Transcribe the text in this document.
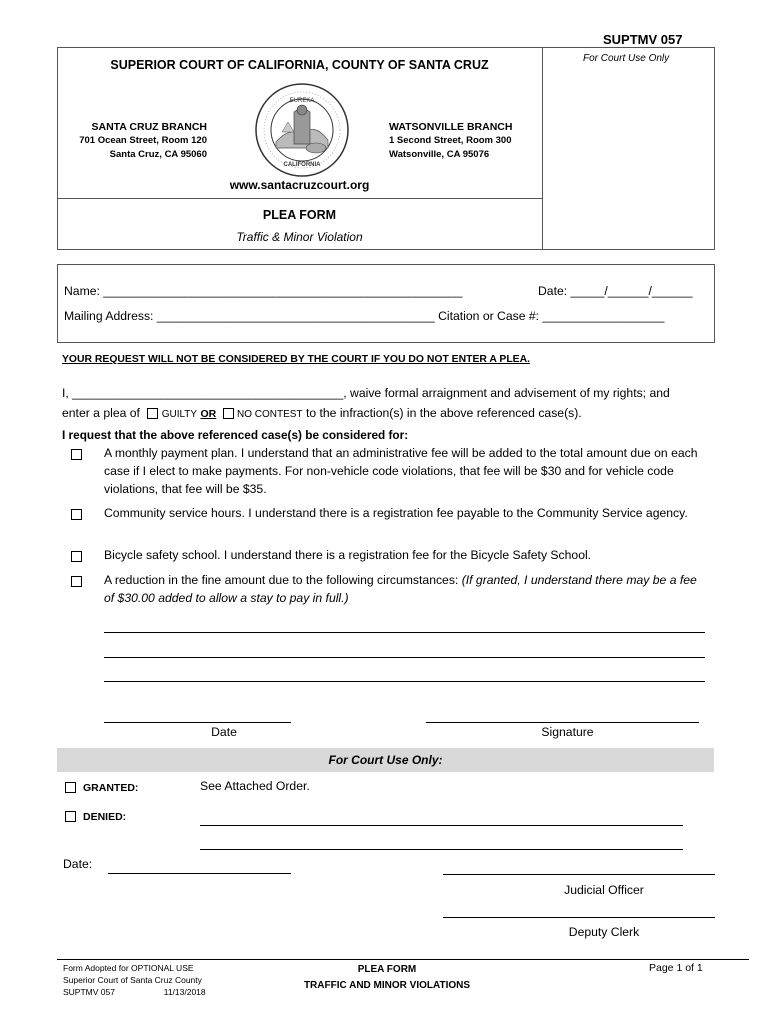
SUPTMV 057
For Court Use Only
SUPERIOR COURT OF CALIFORNIA, COUNTY OF SANTA CRUZ
EUREKA
CALIFORNIA
SANTA CRUZ BRANCH
701 Ocean Street, Room 120
Santa Cruz, CA 95060
WATSONVILLE BRANCH
1 Second Street, Room 300
Watsonville, CA 95076
www.santacruzcourt.org
PLEA FORM
Traffic & Minor Violation
Name: _____________________________________________________	Date: _____/______/______
Mailing Address: _________________________________________ Citation or Case #: __________________
YOUR REQUEST WILL NOT BE CONSIDERED BY THE COURT IF YOU DO NOT ENTER A PLEA.
I, ________________________________________, waive formal arraignment and advisement of my rights; and
enter a plea of GUILTY OR NO CONTEST to the infraction(s) in the above referenced case(s).
I request that the above referenced case(s) be considered for:
A monthly payment plan. I understand that an administrative fee will be added to the total amount due on each case if I elect to make payments. For non-vehicle code violations, that fee will be $30 and for vehicle code violations, that fee will be $35.
Community service hours. I understand there is a registration fee payable to the Community Service agency.
Bicycle safety school. I understand there is a registration fee for the Bicycle Safety School.
A reduction in the fine amount due to the following circumstances: (If granted, I understand there may be a fee of $30.00 added to allow a stay to pay in full.)
Date	Signature
For Court Use Only:
GRANTED:	See Attached Order.
DENIED:
Date:
Judicial Officer
Deputy Clerk
Form Adopted for OPTIONAL USE
Superior Court of Santa Cruz County
SUPTMV 057	11/13/2018
PLEA FORM
TRAFFIC AND MINOR VIOLATIONS
Page 1 of 1
